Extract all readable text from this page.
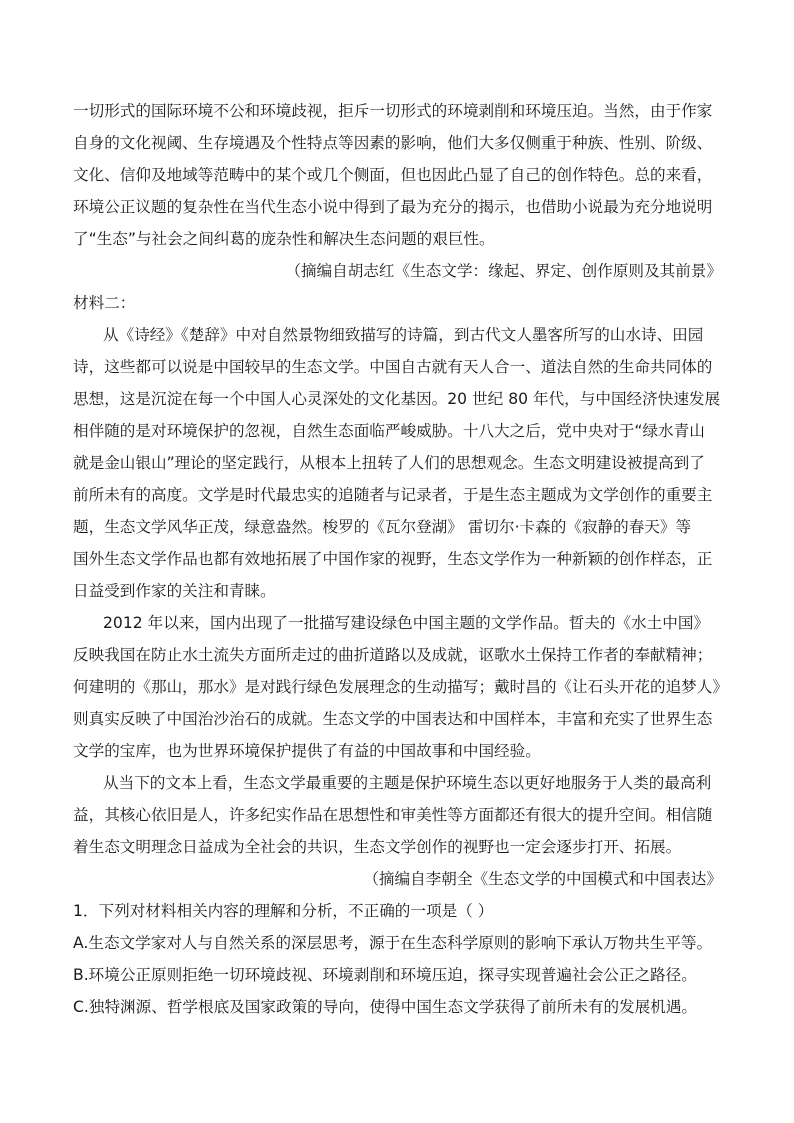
一切形式的国际环境不公和环境歧视，拒斥一切形式的环境剥削和环境压迫。当然，由于作家
自身的文化视阈、生存境遇及个性特点等因素的影响，他们大多仅侧重于种族、性别、阶级、
文化、信仰及地域等范畴中的某个或几个侧面，但也因此凸显了自己的创作特色。总的来看，
环境公正议题的复杂性在当代生态小说中得到了最为充分的揭示，也借助小说最为充分地说明
了“生态”与社会之间纠葛的庞杂性和解决生态问题的艰巨性。
（摘编自胡志红《生态文学：缘起、界定、创作原则及其前景》
材料二：
从《诗经》《楚辞》中对自然景物细致描写的诗篇，到古代文人墨客所写的山水诗、田园
诗，这些都可以说是中国较早的生态文学。中国自古就有天人合一、道法自然的生命共同体的
思想，这是沉淀在每一个中国人心灵深处的文化基因。20 世纪 80 年代，与中国经济快速发展
相伴随的是对环境保护的忽视，自然生态面临严峻威胁。十八大之后，党中央对于“绿水青山
就是金山银山”理论的坚定践行，从根本上扭转了人们的思想观念。生态文明建设被提高到了
前所未有的高度。文学是时代最忠实的追随者与记录者，于是生态主题成为文学创作的重要主
题，生态文学风华正茂，绿意盎然。梭罗的《瓦尔登湖》 雷切尔·卡森的《寂静的春天》等
国外生态文学作品也都有效地拓展了中国作家的视野，生态文学作为一种新颖的创作样态，正
日益受到作家的关注和青睐。
2012 年以来，国内出现了一批描写建设绿色中国主题的文学作品。晢夫的《水土中国》
反映我国在防止水土流失方面所走过的曲折道路以及成就，讴歌水土保持工作者的奉献精神；
何建明的《那山，那水》是对践行绿色发展理念的生动描写；戴时昌的《让石头开花的追梦人》
则真实反映了中国治沙治石的成就。生态文学的中国表达和中国样本，丰富和充实了世界生态
文学的宝库，也为世界环境保护提供了有益的中国故事和中国经验。
从当下的文本上看，生态文学最重要的主题是保护环境生态以更好地服务于人类的最高利
益，其核心依旧是人，许多纪实作品在思想性和审美性等方面都还有很大的提升空间。相信随
着生态文明理念日益成为全社会的共识，生态文学创作的视野也一定会逐步打开、拓展。
（摘编自李朝全《生态文学的中国模式和中国表达》
1．下列对材料相关内容的理解和分析，不正确的一项是（ ）
A.生态文学家对人与自然关系的深层思考，源于在生态科学原则的影响下承认万物共生平等。
B.环境公正原则拒绝一切环境歧视、环境剥削和环境压迫，探寻实现普遍社会公正之路径。
C.独特渊源、哲学根底及国家政策的导向，使得中国生态文学获得了前所未有的发展机遇。
